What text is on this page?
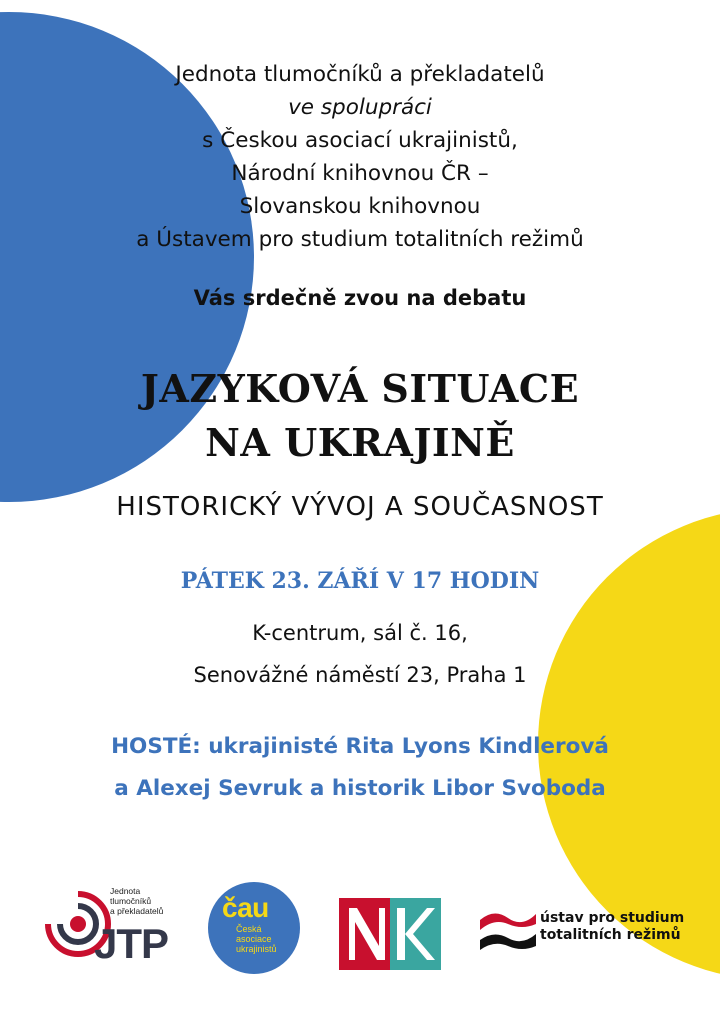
Jednota tlumočníků a překladatelů
ve spolupráci
s Českou asociací ukrajinistů,
Národní knihovnou ČR –
Slovanskou knihovnou
a Ústavem pro studium totalitních režimů
Vás srdečně zvou na debatu
JAZYKOVÁ SITUACE
NA UKRAJINĚ
HISTORICKÝ VÝVOJ A SOUČASNOST
PÁTEK 23. ZÁŘÍ V 17 HODIN
K-centrum, sál č. 16,
Senovážné náměstí 23, Praha 1
HOSTÉ: ukrajinisté Rita Lyons Kindlerová
a Alexej Sevruk a historik Libor Svoboda
Jednota
tlumočníků
a překladatelů
JTP
čau
Česká
asociace
ukrajinistů
ústav pro studium
totalitních režimů
